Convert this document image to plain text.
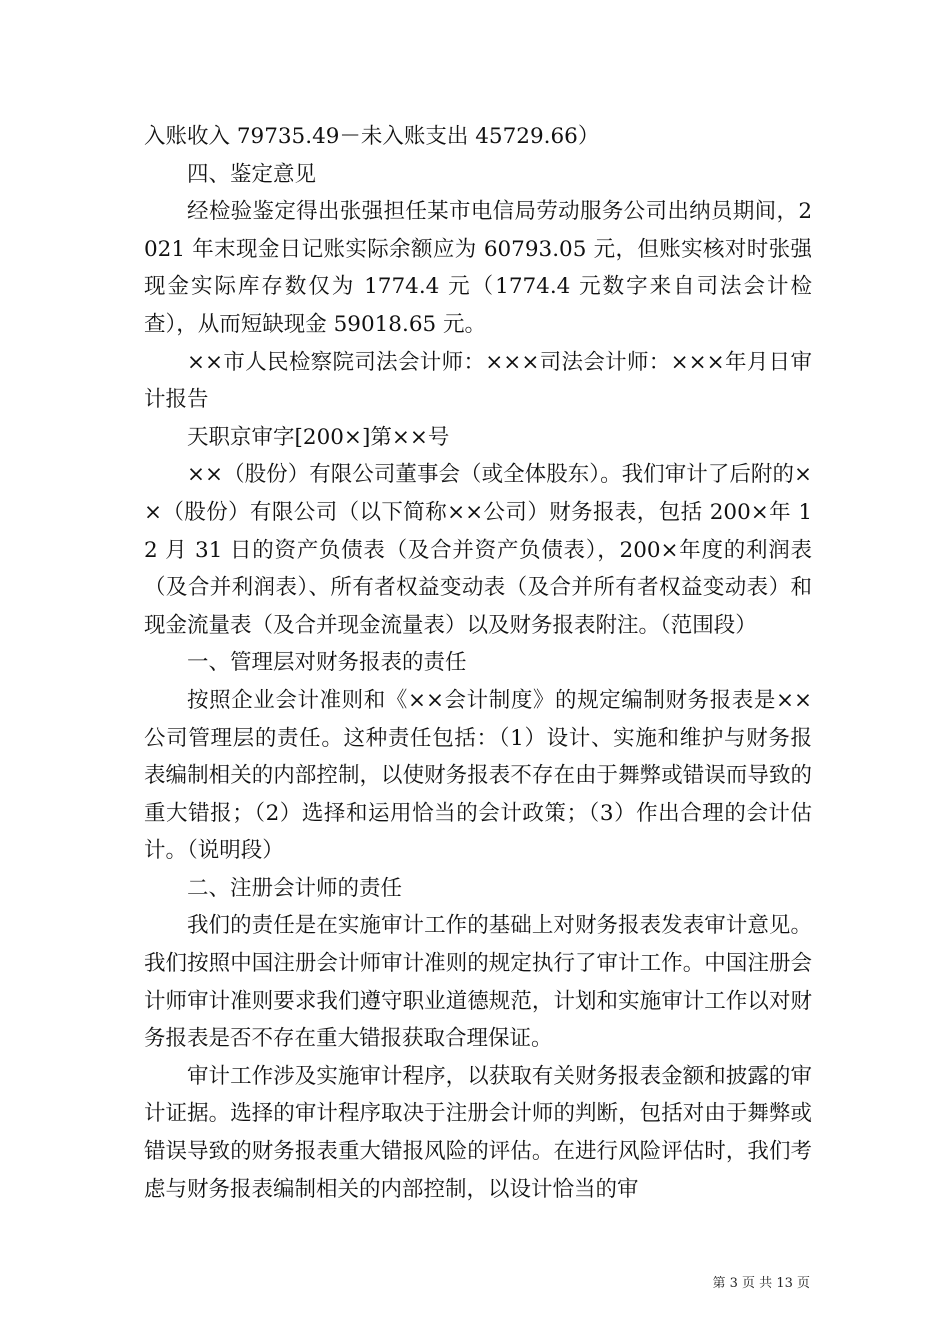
入账收入 79735.49－未入账支出 45729.66）

四、鉴定意见

经检验鉴定得出张强担任某市电信局劳动服务公司出纳员期间，2021 年末现金日记账实际余额应为 60793.05 元，但账实核对时张强现金实际库存数仅为 1774.4 元（1774.4 元数字来自司法会计检查），从而短缺现金 59018.65 元。

××市人民检察院司法会计师：×××司法会计师：×××年月日审计报告

天职京审字[200×]第××号

××（股份）有限公司董事会（或全体股东）。我们审计了后附的××（股份）有限公司（以下简称××公司）财务报表，包括 200×年 12 月 31 日的资产负债表（及合并资产负债表），200×年度的利润表（及合并利润表）、所有者权益变动表（及合并所有者权益变动表）和现金流量表（及合并现金流量表）以及财务报表附注。（范围段）

一、管理层对财务报表的责任

按照企业会计准则和《××会计制度》的规定编制财务报表是××公司管理层的责任。这种责任包括：（1）设计、实施和维护与财务报表编制相关的内部控制，以使财务报表不存在由于舞弊或错误而导致的重大错报；（2）选择和运用恰当的会计政策；（3）作出合理的会计估计。（说明段）

二、注册会计师的责任

我们的责任是在实施审计工作的基础上对财务报表发表审计意见。我们按照中国注册会计师审计准则的规定执行了审计工作。中国注册会计师审计准则要求我们遵守职业道德规范，计划和实施审计工作以对财务报表是否不存在重大错报获取合理保证。

审计工作涉及实施审计程序，以获取有关财务报表金额和披露的审计证据。选择的审计程序取决于注册会计师的判断，包括对由于舞弊或错误导致的财务报表重大错报风险的评估。在进行风险评估时，我们考虑与财务报表编制相关的内部控制，以设计恰当的审

第 3 页 共 13 页
